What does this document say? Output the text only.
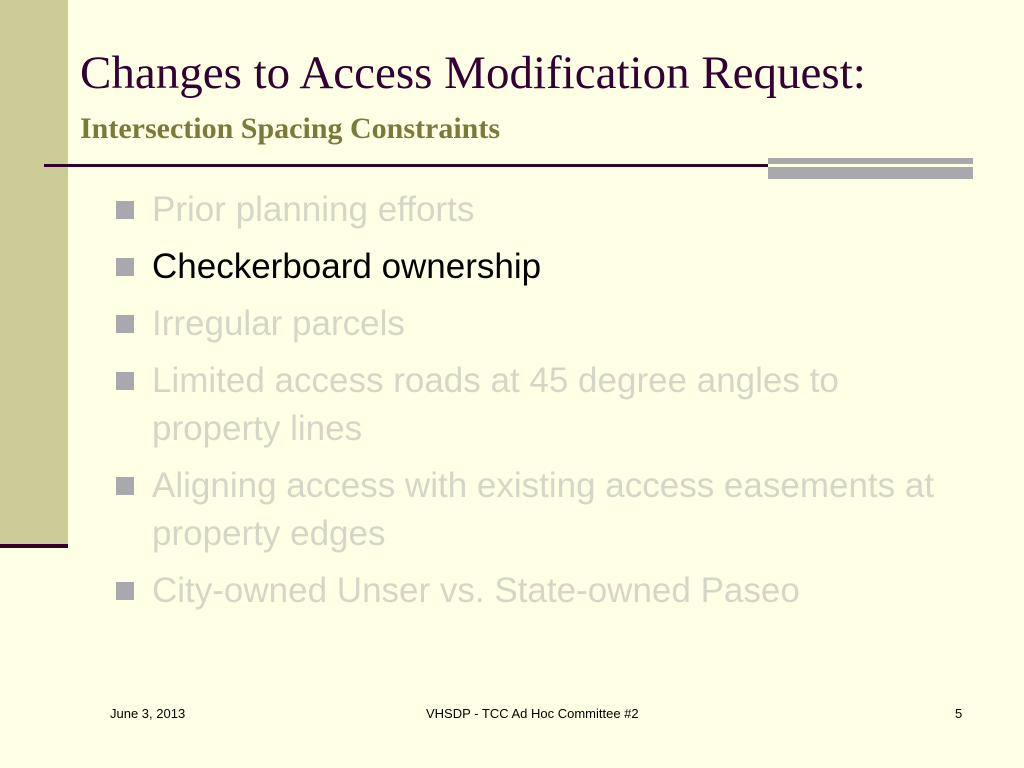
Changes to Access Modification Request:
Intersection Spacing Constraints
Prior planning efforts
Checkerboard ownership
Irregular parcels
Limited access roads at 45 degree angles to property lines
Aligning access with existing access easements at property edges
City-owned Unser vs. State-owned Paseo
June 3, 2013	VHSDP - TCC Ad Hoc Committee #2	5
